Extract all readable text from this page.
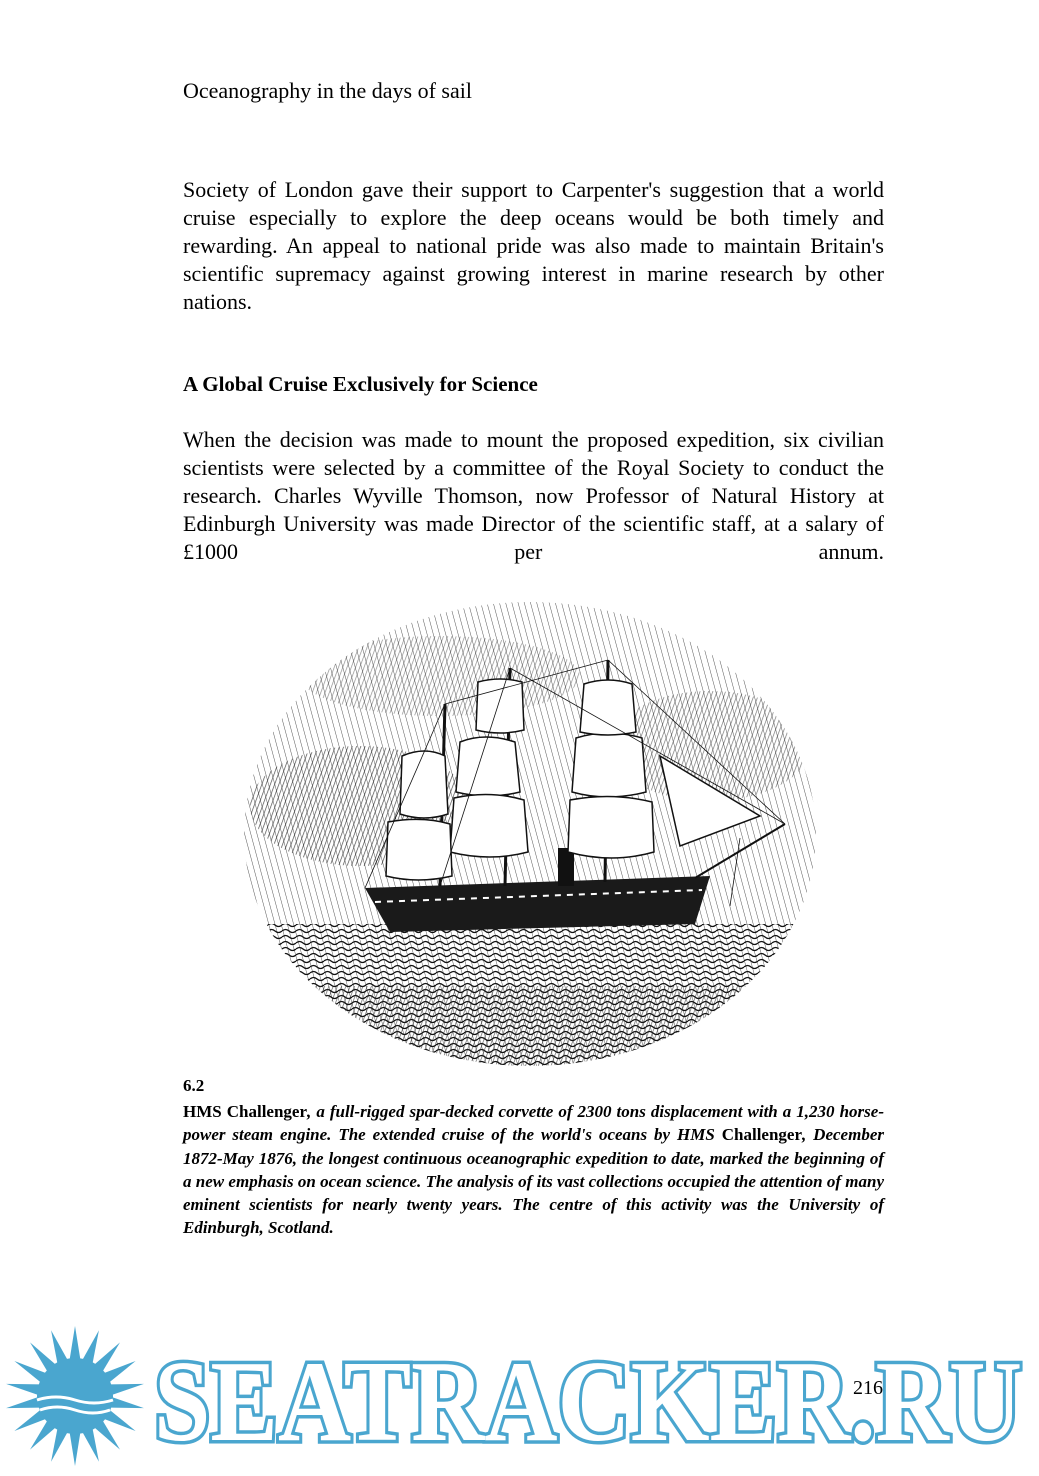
Oceanography in the days of sail

Society of London gave their support to Carpenter's suggestion that a world cruise especially to explore the deep oceans would be both timely and rewarding. An appeal to national pride was also made to maintain Britain's scientific supremacy against growing interest in marine research by other nations.

A Global Cruise Exclusively for Science

When the decision was made to mount the proposed expedition, six civilian scientists were selected by a committee of the Royal Society to conduct the research. Charles Wyville Thomson, now Professor of Natural History at Edinburgh University was made Director of the scientific staff, at a salary of £1000 per annum.

6.2

HMS Challenger, a full-rigged spar-decked corvette of 2300 tons displacement with a 1,230 horse-power steam engine. The extended cruise of the world's oceans by HMS Challenger, December 1872-May 1876, the longest continuous oceanographic expedition to date, marked the beginning of a new emphasis on ocean science. The analysis of its vast collections occupied the attention of many eminent scientists for nearly twenty years. The centre of this activity was the University of Edinburgh, Scotland.

SEATRACKER.RU
216
